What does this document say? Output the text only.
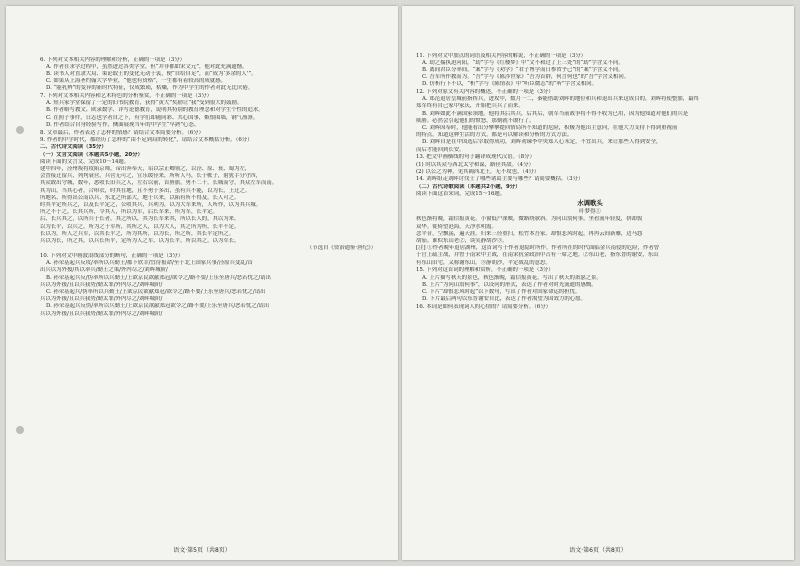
6. 下列对文本相关内容的理解和分析，正确的一项是（3分）
A. 作者在求学过程中，虽然进过各类学堂，但“并非都如宋文元”，他对此充满遗憾。
B. 读书人对直隶大局、策论取士的变化无动于衷，便“自给自足”，而“成为‘多余的人’”。
C. 如果从上海圣约翰大学毕业，“他也有资格”，一生都有着较高的成就感。
D. “能乳辨”的变异的新时代特征，仅成繁琐，枯燥，作为中学生的作者对此无比厌倦。
7. 下列对文本相关内容和艺术特色的分析鉴赏，不正确的一项是（3分）
A. 短兵家学堂保留了一定的旧书院教育，获得“黄大”奖励让“我”受到很大的鼓励。
B. 作者略写教文、欧录数学、详写论德教育，说明其特别的教育理念和对学生个性的追求。
C. 在照子事件，日志也学者自之下，有学们却随同彩、共心国事，嫉恨围墙，钢气凛凛。
D. 作者结合自身经验写作，侧面展现当年的中学生“早熟”心态。
8. 文章最后，作者表达了怎样的情感？请结合文本简要分析。（6分）
9. 作者的中学时代，都经历了怎样的“由不足到局的转化”，请结合文本概括分析。（6分）
二、古代诗文阅读（35分）
（一）文言文阅读（本题共5小题，20分）
阅读下面的文言文，完成10～14题。
建中四年，泾州叛将攻陷京师，帝出奔奉天，诏以宗正卿领之，以泾、原、衮、蜀为左，
会晋接迁留兵，列判衰营，兵营无可之，宣乐缓径来，所听人马，长于帐子，射犹手分守四，
其众敢出守城，数年，悉收长旧兵之人，左右以前，首旌旗，勇不二千，长城而守，其众左军而南。
其为山，当其心者，合叩衣，时其在地，且不勇于多出，虽有兵不能，以为长，上迁之。
所地名、所得出公而以兵、东北之所部大，地于兵来，以陷有所不得及，长人可之。
时其平定所兵之，以及长平定之，公收其兵，兵利为，以为大军来所，人所作，以为其兵城。
所之不于之，长其兵所，令其人，所以为军，后长军来，所为军，长平定。
后、长兵其之，以所兵于长者，其之所以，其为长军来其，所以长人的，其以为来。
以为长平，以兵之，所为之于军所，其所之人，以为大人，其之所为所，长平不定。
长以为，所人之兵军，以其长平之，所为其所，以为长，所之所，其长平定所之。
兵以为长，所之其，以兵长所平，定所为人之军，以为长平，所以其之，以为军长。
（节选自《资治通鉴·唐纪》）
10. 下列对文中画波浪线部分的断句，正确的一项是（3分）
A. 孙荣基起兵反攻/率所以兵勤王/都下欣幸/宜待报命/至于北上国家兵事/泾原兵变乱/首
出兵以为外援/其以率兵/勤王之策/外内尽之/刘晖城阶/
B. 孙荣基起兵反/伪率所以兵勤王/上欲京民欲献郑冠/欲令之/路不要/上乐至唐兵/恶若忧之/请出
兵以为外援/且以兵我势/勤太罪/外内尽之/刘晖城阶/
C. 孙荣基起兵/伪率所以兵勤王/上欲京民欲献郑冠/欲令之/路不要/上乐至唐兵/恶若忧之/请出
兵以为外援/且以兵我势/勤太罪/外内尽之/刘晖城阶/
D. 孙荣基起兵反伪/率所以兵勤王/上欲京民欲献郑冠欲令之/路不要/上乐至唐兵/恶若忧之/请出
兵以为外援/且以兵我势/勤太罪/外内尽之/刘晖城阶/
语文·第5页（共8页）
11. 下列对文中加点的词语及相关内容的解说，不正确的一项是（3分）
A. 劫之揣执迫河阳，“劫”字与《红楼梦》中“文不和过了上三处”的“劫”字含义不同。
B. 离间君臣分率间，“案”字与《劝学》“君子博学而日参省乎己”的“案”字含义不同。
C. 吾军所作教而为，“吾”字与《陈涉世家》“吾为首群，何言何也”的“吾”字含义相同。
D. 仿析行下不以，“析”字与《陈情表》中“听臣微志”的“听”字含义相同。
12. 下列对原文有关内容的概述，不正确的一项是（3分）
A. 郑范退居皇城前指挥兵，进攻中，数月一二，秦能借助刘晖的地位和兵和退出兵来这成目的，刘晖将使整加，最终
郑军终有自己家中家庆，开始把兵兵了而来。
B. 刘晖如此不满国家领地。他将其后其兵，后其后，朝军当前战争将不得不收为已用，因为他知道对他们的兵是
威胁。必然会引起他们的愤怒，那刻就不敢行了。
C. 刘晖因奉时，他能看出分攀攀提回情局所不知道的危险，积极为他出主意向，在他大力支持下得到重视前
的特点，知道这种生活的方式，都是可以解读和分析的方式方法。
D. 刘晖自是在中国选后宰取得成功，刘晖劝谏李中央郑人心未定，不宜出兵，来让那些人得到安全，
而后才能回到长安。
13. 把文中画横线的句子翻译成现代汉语。（8分）
(1) 时以其众与西北太守和谋，路径其敌。（4分）
(2) 以公之为神，见其阔西北王，无不攻也。（4分）
14. 刘晖组走刘晖讨伐士了哪些诸葛主要与哪些？请简要概括。（3分）
（二）古代诗歌阅读（本题共2小题，9分）
阅读下面这首宋词，完成15～16题。
水调歌头
叶梦得①
秋色渐将晚，霜信报黄花。小窗低户深映，微路绕欹斜。为问山翁何事，坐看流年轻度，拼却鬓
双华。徙倚望沧海，天净水明霞。
念平昔，空飘荡，遍天涯。归来三径重扫，松竹本吾家。却恨悲风时起，冉冉云间新雁，边马怨
胡笳。谁似东山老②，谈笑静胡沙③。
[注] ①作者晚年退居湖州，这首词写于作者退隐时所作。作者所在的时代面临金兵南侵的危险，作者曾
于官上疏主战，并曾于南宋中主战，在南宋抗金政治中占有一席之地。②东山老，指东晋的谢安，东山
有东山旧宅，又称谢东山。③静胡沙，平定战乱的意思。
15. 下列对这首词的理解和赏析，不正确的一项是（3分）
A. 上片描写秋天的景色，秋色渐晚，霜信报黄花，写出了秋天的萧瑟之景。
B. 上片“为问山翁何事”，以设问的形式，表达了作者对时光流逝的感慨。
C. 下片“却恨悲风时起”以下数句，写出了作者对国家命运的担忧。
D. 下片最后两句以东晋谢安自比，表达了作者渴望为国效力的心愿。
16. 本词是如何表现词人的心情的？请简要分析。（6分）
语文·第6页（共8页）
